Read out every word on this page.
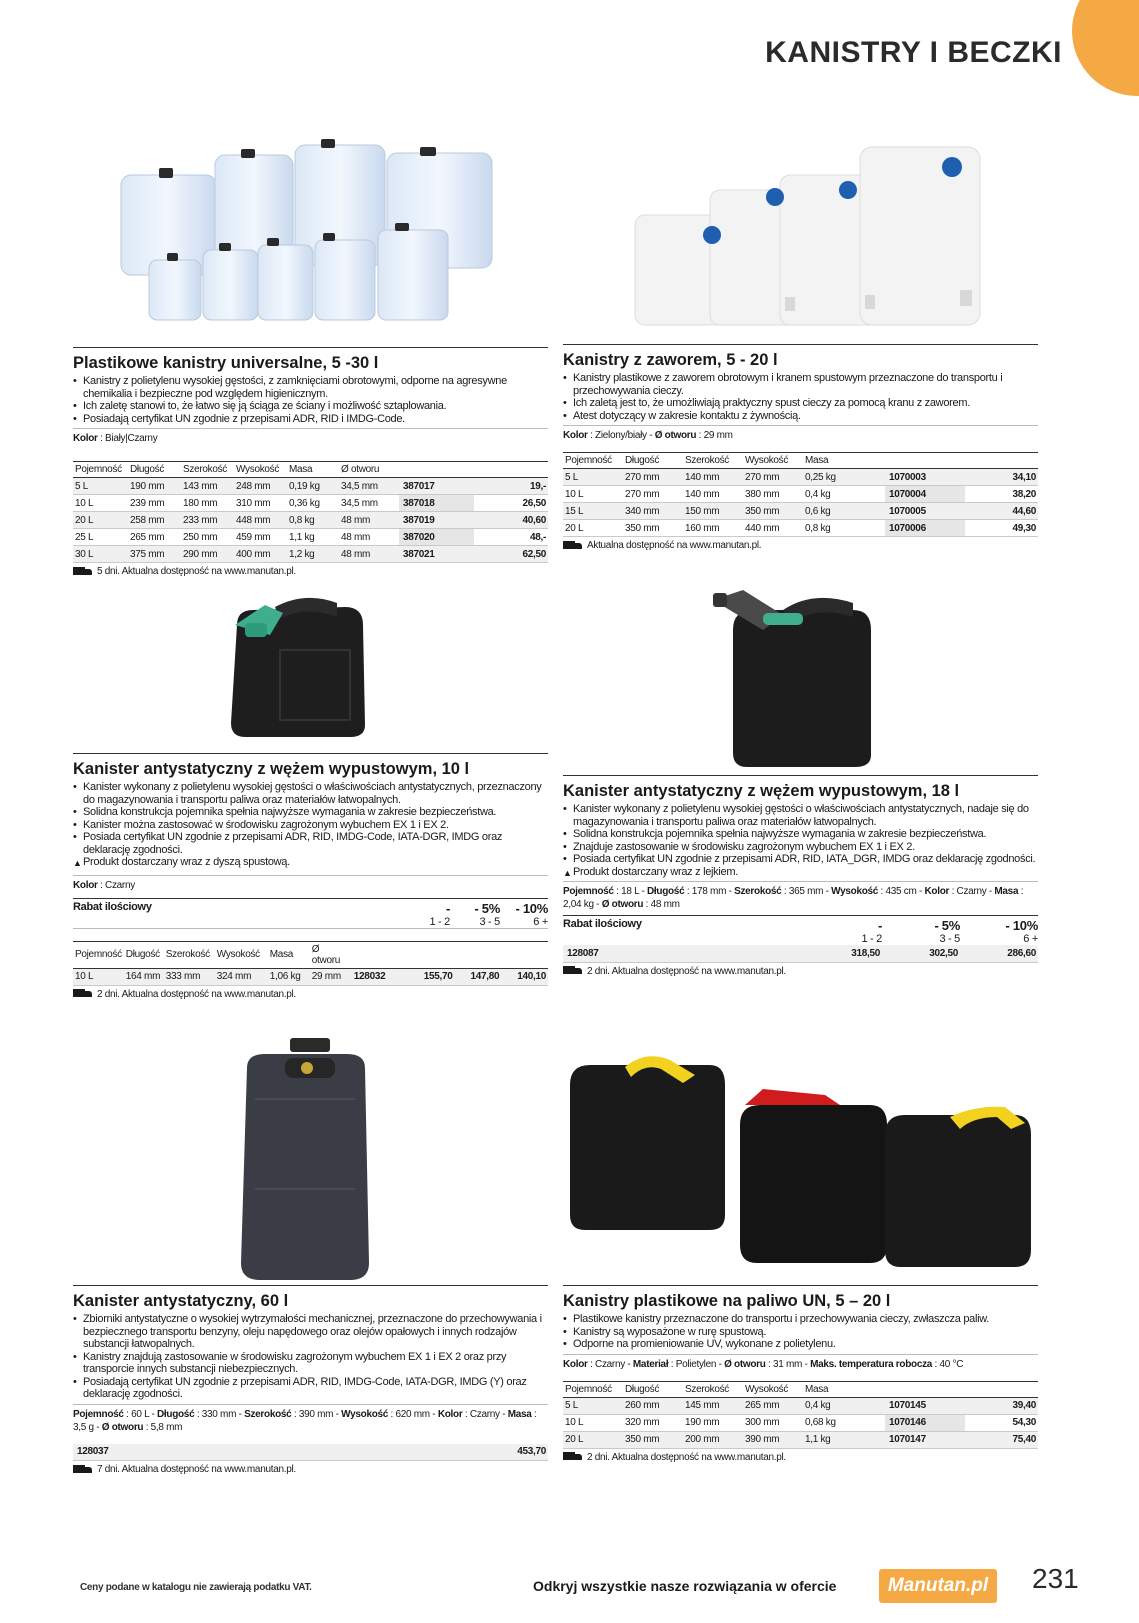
KANISTRY I BECZKI
Plastikowe kanistry universalne, 5 -30 l
• Kanistry z polietylenu wysokiej gęstości, z zamknięciami obrotowymi, odporne na agresywne chemikalia i bezpieczne pod względem higienicznym.
• Ich zaletę stanowi to, że łatwo się ją ściąga ze ściany i możliwość sztaplowania.
• Posiadają certyfikat UN zgodnie z przepisami ADR, RID i IMDG-Code.
Kolor : Biały|Czarny
Pojemność	Długość	Szerokość	Wysokość	Masa	Ø otworu		
5 L	190 mm	143 mm	248 mm	0,19 kg	34,5 mm	387017	19,-
10 L	239 mm	180 mm	310 mm	0,36 kg	34,5 mm	387018	26,50
20 L	258 mm	233 mm	448 mm	0,8 kg	48 mm	387019	40,60
25 L	265 mm	250 mm	459 mm	1,1 kg	48 mm	387020	48,-
30 L	375 mm	290 mm	400 mm	1,2 kg	48 mm	387021	62,50
5 dni. Aktualna dostępność na www.manutan.pl.
Kanistry z zaworem, 5 - 20 l
• Kanistry plastikowe z zaworem obrotowym i kranem spustowym przeznaczone do transportu i przechowywania cieczy.
• Ich zaletą jest to, że umożliwiają praktyczny spust cieczy za pomocą kranu z zaworem.
• Atest dotyczący w zakresie kontaktu z żywnością.
Kolor : Zielony/biały - Ø otworu : 29 mm
Pojemność	Długość	Szerokość	Wysokość	Masa		
5 L	270 mm	140 mm	270 mm	0,25 kg	1070003	34,10
10 L	270 mm	140 mm	380 mm	0,4 kg	1070004	38,20
15 L	340 mm	150 mm	350 mm	0,6 kg	1070005	44,60
20 L	350 mm	160 mm	440 mm	0,8 kg	1070006	49,30
Aktualna dostępność na www.manutan.pl.
Kanister antystatyczny z wężem wypustowym, 10 l
• Kanister wykonany z polietylenu wysokiej gęstości o właściwościach antystatycznych, przeznaczony do magazynowania i transportu paliwa oraz materiałów łatwopalnych.
• Solidna konstrukcja pojemnika spełnia najwyższe wymagania w zakresie bezpieczeństwa.
• Kanister można zastosować w środowisku zagrożonym wybuchem EX 1 i EX 2.
• Posiada certyfikat UN zgodnie z przepisami ADR, RID, IMDG-Code, IATA-DGR, IMDG oraz deklarację zgodności.
▲ Produkt dostarczany wraz z dyszą spustową.
Kolor : Czarny
Rabat ilościowy	-	- 5%	- 10%
1 - 2	3 - 5	6 +
Pojemność	Długość	Szerokość	Wysokość	Masa	Ø otworu				
10 L	164 mm	333 mm	324 mm	1,06 kg	29 mm	128032	155,70	147,80	140,10
2 dni. Aktualna dostępność na www.manutan.pl.
Kanister antystatyczny z wężem wypustowym, 18 l
• Kanister wykonany z polietylenu wysokiej gęstości o właściwościach antystatycznych, nadaje się do magazynowania i transportu paliwa oraz materiałów łatwopalnych.
• Solidna konstrukcja pojemnika spełnia najwyższe wymagania w zakresie bezpieczeństwa.
• Znajduje zastosowanie w środowisku zagrożonym wybuchem EX 1 i EX 2.
• Posiada certyfikat UN zgodnie z przepisami ADR, RID, IATA_DGR, IMDG oraz deklarację zgodności.
▲ Produkt dostarczany wraz z lejkiem.
Pojemność : 18 L - Długość : 178 mm - Szerokość : 365 mm - Wysokość : 435 cm - Kolor : Czarny - Masa : 2,04 kg - Ø otworu : 48 mm
Rabat ilościowy	-	- 5%	- 10%
1 - 2	3 - 5	6 +
128087	318,50	302,50	286,60
2 dni. Aktualna dostępność na www.manutan.pl.
Kanister antystatyczny, 60 l
• Zbiorniki antystatyczne o wysokiej wytrzymałości mechanicznej, przeznaczone do przechowywania i bezpiecznego transportu benzyny, oleju napędowego oraz olejów opałowych i innych rodzajów substancji łatwopalnych.
• Kanistry znajdują zastosowanie w środowisku zagrożonym wybuchem EX 1 i EX 2 oraz przy transporcie innych substancji niebezpiecznych.
• Posiadają certyfikat UN zgodnie z przepisami ADR, RID, IMDG-Code, IATA-DGR, IMDG (Y) oraz deklarację zgodności.
Pojemność : 60 L - Długość : 330 mm - Szerokość : 390 mm - Wysokość : 620 mm - Kolor : Czarny - Masa : 3,5 g - Ø otworu : 5,8 mm
128037	453,70
7 dni. Aktualna dostępność na www.manutan.pl.
Kanistry plastikowe na paliwo UN, 5 – 20 l
• Plastikowe kanistry przeznaczone do transportu i przechowywania cieczy, zwłaszcza paliw.
• Kanistry są wyposażone w rurę spustową.
• Odporne na promieniowanie UV, wykonane z polietylenu.
Kolor : Czarny - Materiał : Polietylen - Ø otworu : 31 mm - Maks. temperatura robocza : 40 °C
Pojemność	Długość	Szerokość	Wysokość	Masa		
5 L	260 mm	145 mm	265 mm	0,4 kg	1070145	39,40
10 L	320 mm	190 mm	300 mm	0,68 kg	1070146	54,30
20 L	350 mm	200 mm	390 mm	1,1 kg	1070147	75,40
2 dni. Aktualna dostępność na www.manutan.pl.
Ceny podane w katalogu nie zawierają podatku VAT.	Odkryj wszystkie nasze rozwiązania w ofercie	Manutan.pl	231
